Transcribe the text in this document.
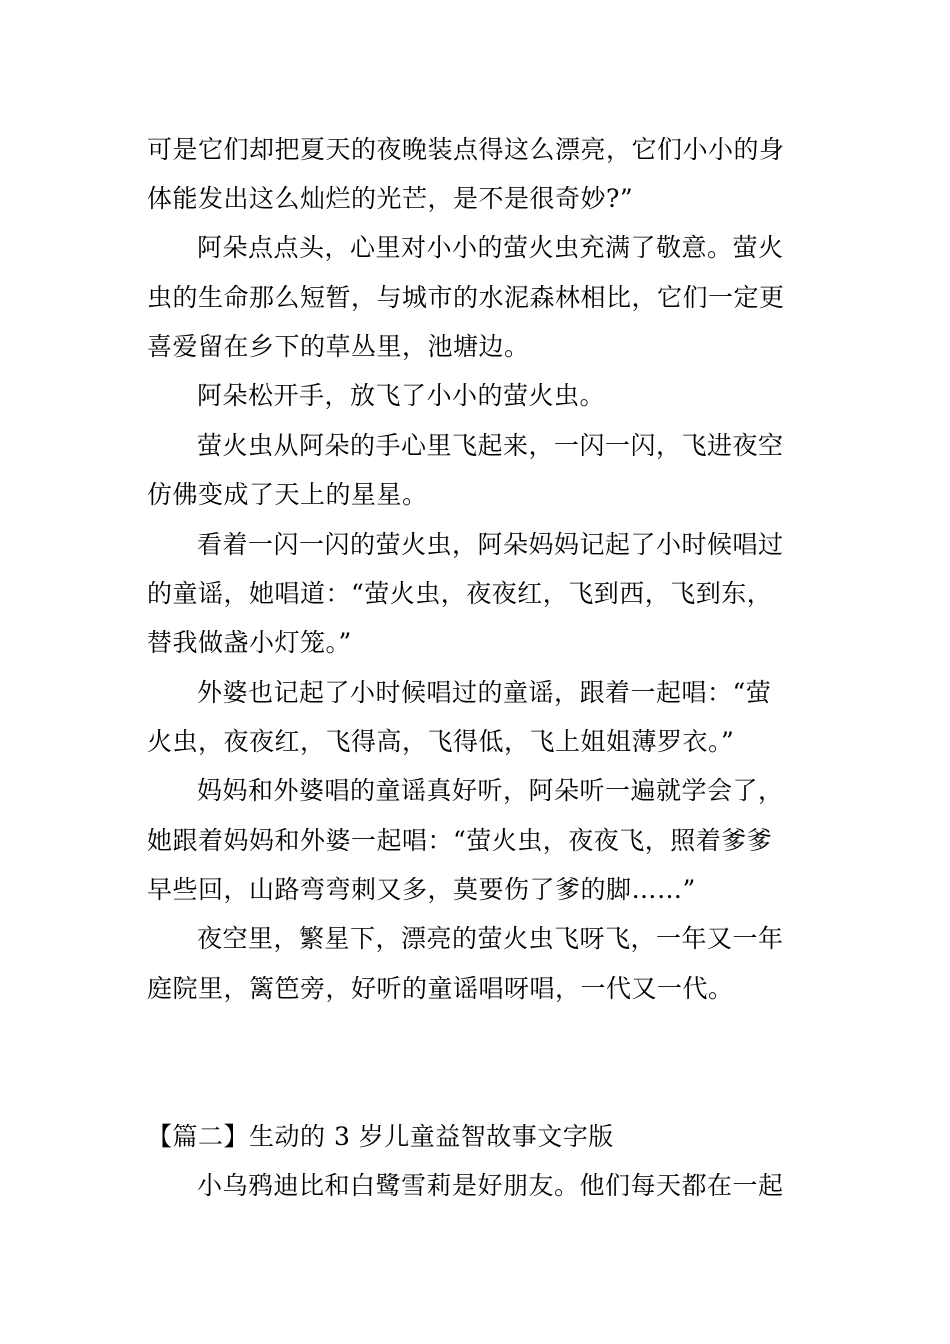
可是它们却把夏天的夜晚装点得这么漂亮，它们小小的身
体能发出这么灿烂的光芒，是不是很奇妙?”
阿朵点点头，心里对小小的萤火虫充满了敬意。萤火
虫的生命那么短暂，与城市的水泥森林相比，它们一定更
喜爱留在乡下的草丛里，池塘边。
阿朵松开手，放飞了小小的萤火虫。
萤火虫从阿朵的手心里飞起来，一闪一闪，飞进夜空
仿佛变成了天上的星星。
看着一闪一闪的萤火虫，阿朵妈妈记起了小时候唱过
的童谣，她唱道：“萤火虫，夜夜红，飞到西，飞到东，
替我做盏小灯笼。”
外婆也记起了小时候唱过的童谣，跟着一起唱：“萤
火虫，夜夜红，飞得高，飞得低，飞上姐姐薄罗衣。”
妈妈和外婆唱的童谣真好听，阿朵听一遍就学会了，
她跟着妈妈和外婆一起唱：“萤火虫，夜夜飞，照着爹爹
早些回，山路弯弯刺又多，莫要伤了爹的脚……”
夜空里，繁星下，漂亮的萤火虫飞呀飞，一年又一年
庭院里，篱笆旁，好听的童谣唱呀唱，一代又一代。
【篇二】生动的 3 岁儿童益智故事文字版
小乌鸦迪比和白鹭雪莉是好朋友。他们每天都在一起
